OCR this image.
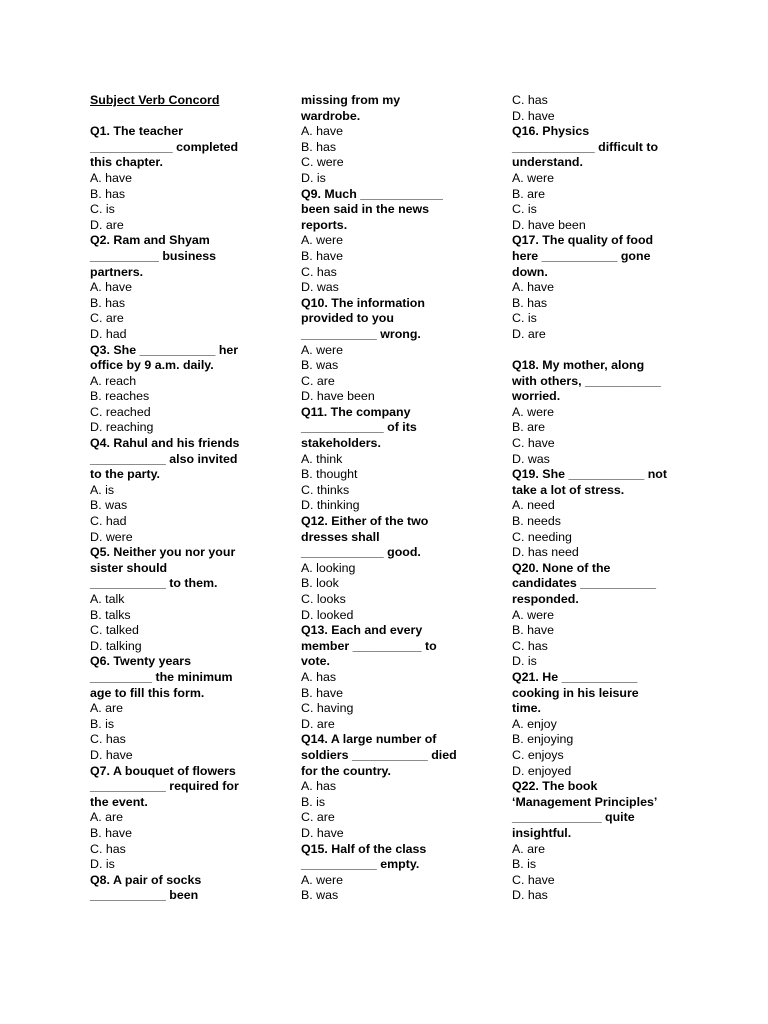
Subject Verb Concord
Q1. The teacher
____________ completed
this chapter.
A. have
B. has
C. is
D. are
Q2. Ram and Shyam
__________ business
partners.
A. have
B. has
C. are
D. had
Q3. She ___________ her
office by 9 a.m. daily.
A. reach
B. reaches
C. reached
D. reaching
Q4. Rahul and his friends
___________ also invited
to the party.
A. is
B. was
C. had
D. were
Q5. Neither you nor your
sister should
___________ to them.
A. talk
B. talks
C. talked
D. talking
Q6. Twenty years
_________ the minimum
age to fill this form.
A. are
B. is
C. has
D. have
Q7. A bouquet of flowers
___________ required for
the event.
A. are
B. have
C. has
D. is
Q8. A pair of socks
___________ been
missing from my
wardrobe.
A. have
B. has
C. were
D. is
Q9. Much ____________
been said in the news
reports.
A. were
B. have
C. has
D. was
Q10. The information
provided to you
___________ wrong.
A. were
B. was
C. are
D. have been
Q11. The company
____________ of its
stakeholders.
A. think
B. thought
C. thinks
D. thinking
Q12. Either of the two
dresses shall
____________ good.
A. looking
B. look
C. looks
D. looked
Q13. Each and every
member __________ to
vote.
A. has
B. have
C. having
D. are
Q14. A large number of
soldiers ___________ died
for the country.
A. has
B. is
C. are
D. have
Q15. Half of the class
___________ empty.
A. were
B. was
C. has
D. have
Q16. Physics
____________ difficult to
understand.
A. were
B. are
C. is
D. have been
Q17. The quality of food
here ___________ gone
down.
A. have
B. has
C. is
D. are
Q18. My mother, along
with others, ___________
worried.
A. were
B. are
C. have
D. was
Q19. She ___________ not
take a lot of stress.
A. need
B. needs
C. needing
D. has need
Q20. None of the
candidates ___________
responded.
A. were
B. have
C. has
D. is
Q21. He ___________
cooking in his leisure
time.
A. enjoy
B. enjoying
C. enjoys
D. enjoyed
Q22. The book
‘Management Principles’
_____________ quite
insightful.
A. are
B. is
C. have
D. has
